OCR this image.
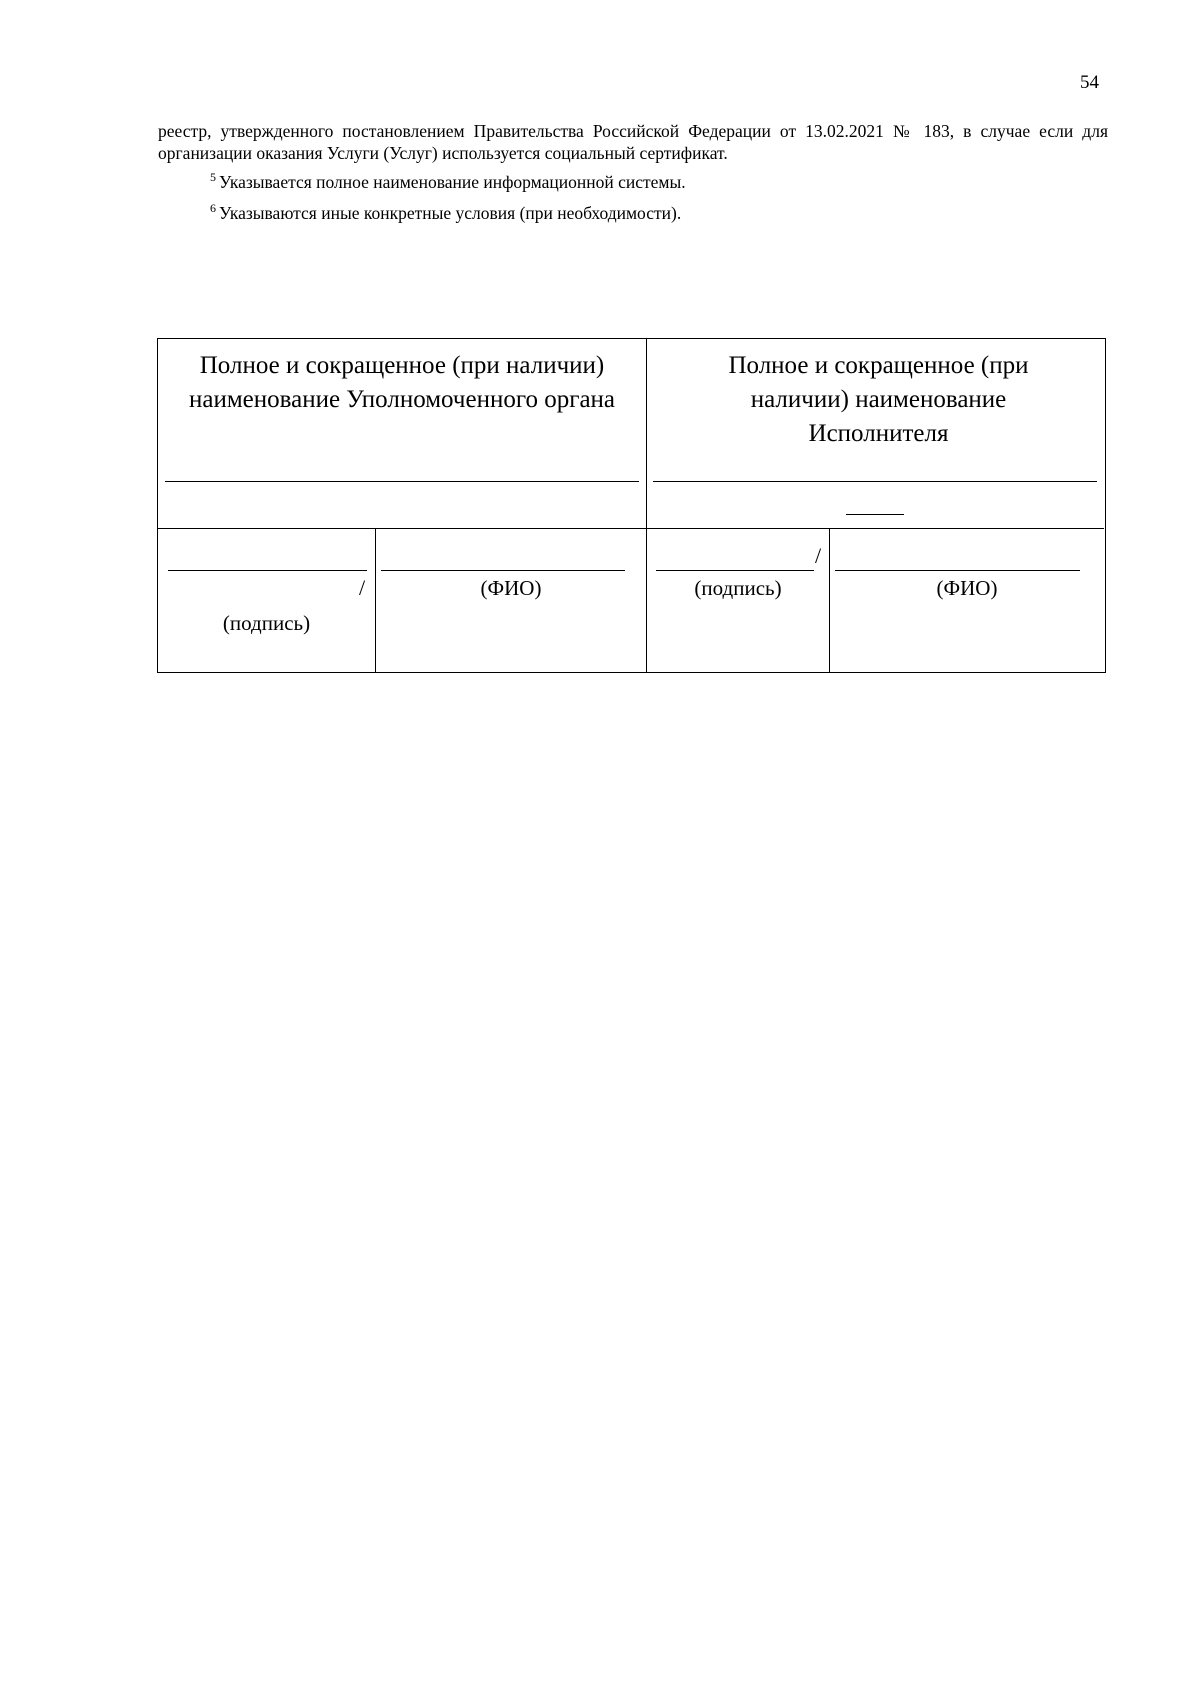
54

реестр, утвержденного постановлением Правительства Российской Федерации от 13.02.2021 № 183, в случае если для организации оказания Услуги (Услуг) используется социальный сертификат.

$^5$ Указывается полное наименование информационной системы.

$^6$ Указываются иные конкретные условия (при необходимости).

Полное и сокращенное (при наличии) наименование Уполномоченного органа
Полное и сокращенное (при наличии) наименование Исполнителя
/
(подпись)
(ФИО)
/
(подпись)	(ФИО)
